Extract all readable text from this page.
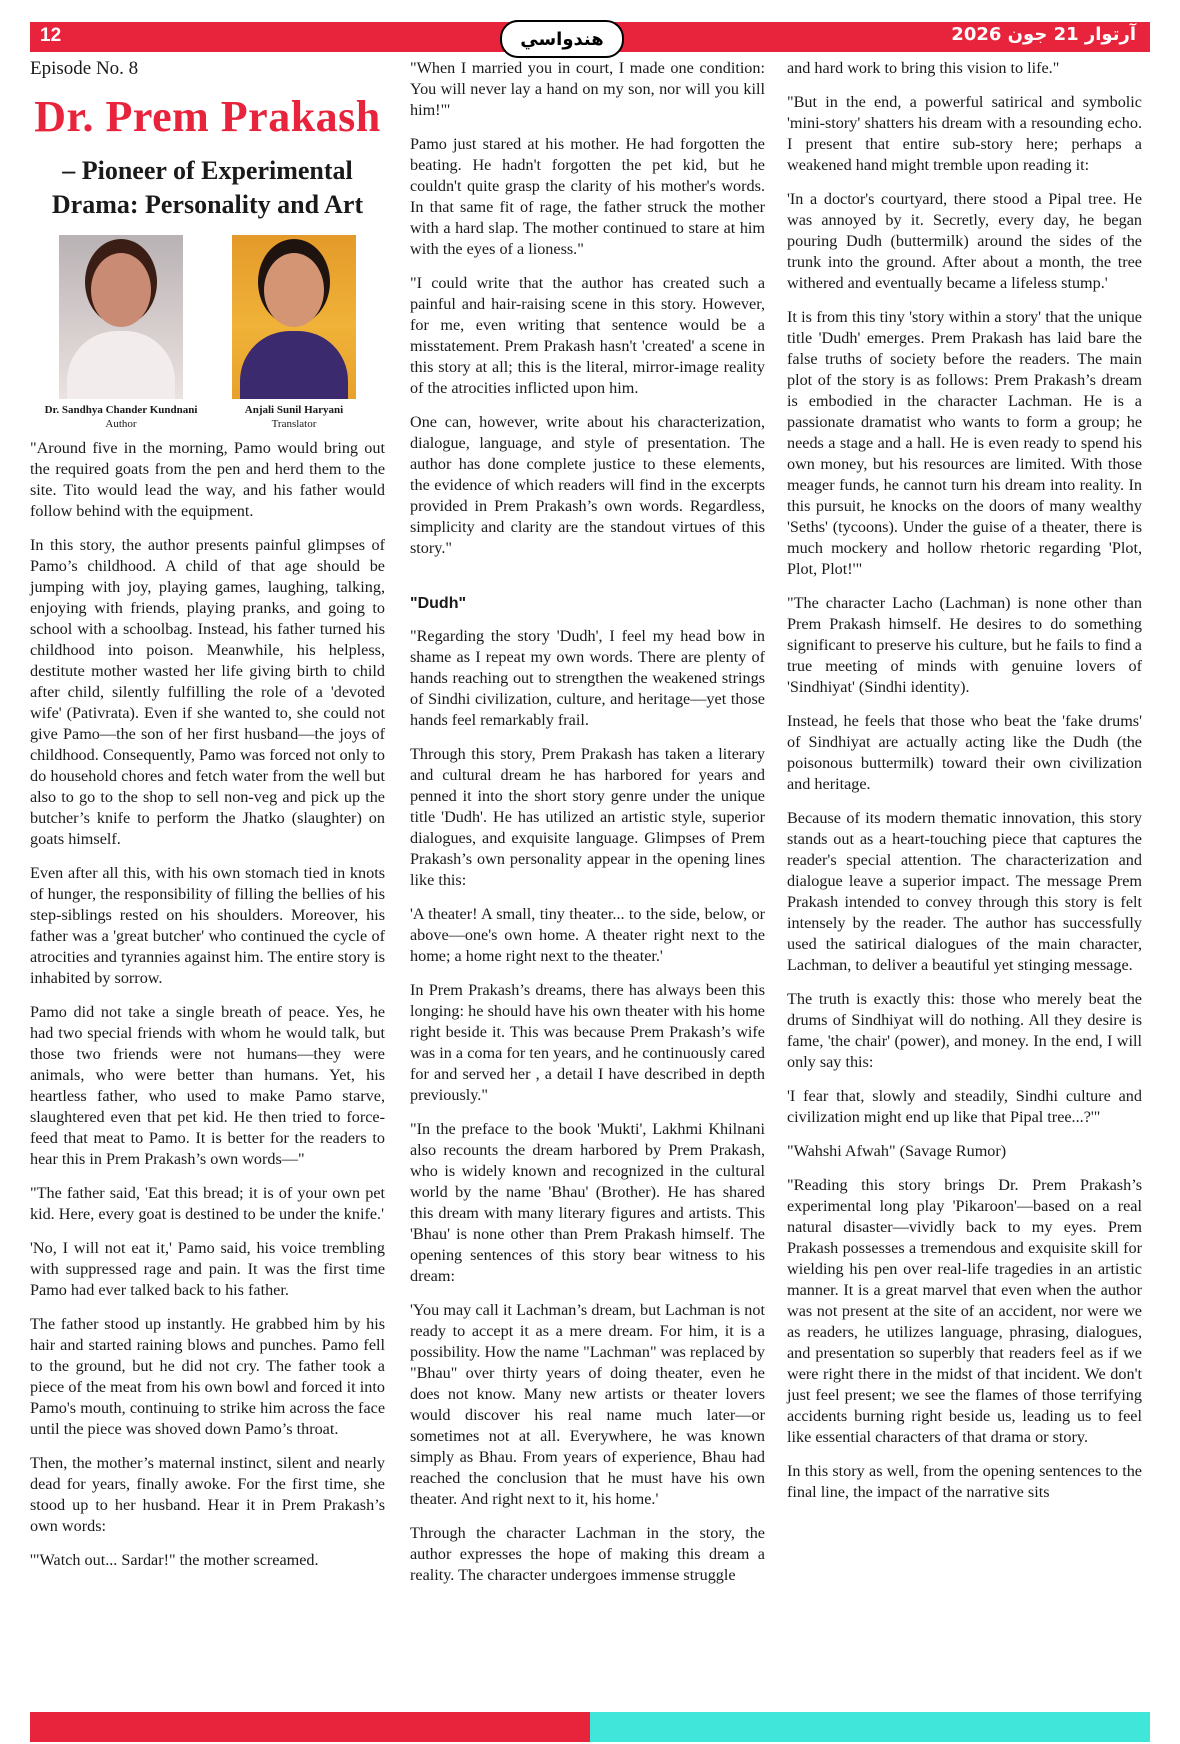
12	آرتوار 21 جون 2026
هندواسي

Episode No. 8

Dr. Prem Prakash

– Pioneer of Experimental Drama: Personality and Art

Dr. Sandhya Chander Kundnani
Author
Anjali Sunil Haryani
Translator

"Around five in the morning, Pamo would bring out the required goats from the pen and herd them to the site. Tito would lead the way, and his father would follow behind with the equipment.

In this story, the author presents painful glimpses of Pamo’s childhood. A child of that age should be jumping with joy, playing games, laughing, talking, enjoying with friends, playing pranks, and going to school with a schoolbag. Instead, his father turned his childhood into poison. Meanwhile, his helpless, destitute mother wasted her life giving birth to child after child, silently fulfilling the role of a 'devoted wife' (Pativrata). Even if she wanted to, she could not give Pamo—the son of her first husband—the joys of childhood. Consequently, Pamo was forced not only to do household chores and fetch water from the well but also to go to the shop to sell non-veg and pick up the butcher’s knife to perform the Jhatko (slaughter) on goats himself.

Even after all this, with his own stomach tied in knots of hunger, the responsibility of filling the bellies of his step-siblings rested on his shoulders. Moreover, his father was a 'great butcher' who continued the cycle of atrocities and tyrannies against him. The entire story is inhabited by sorrow.

Pamo did not take a single breath of peace. Yes, he had two special friends with whom he would talk, but those two friends were not humans—they were animals, who were better than humans. Yet, his heartless father, who used to make Pamo starve, slaughtered even that pet kid. He then tried to force-feed that meat to Pamo. It is better for the readers to hear this in Prem Prakash’s own words—"

"The father said, 'Eat this bread; it is of your own pet kid. Here, every goat is destined to be under the knife.'

'No, I will not eat it,' Pamo said, his voice trembling with suppressed rage and pain. It was the first time Pamo had ever talked back to his father.

The father stood up instantly. He grabbed him by his hair and started raining blows and punches. Pamo fell to the ground, but he did not cry. The father took a piece of the meat from his own bowl and forced it into Pamo's mouth, continuing to strike him across the face until the piece was shoved down Pamo’s throat.

Then, the mother’s maternal instinct, silent and nearly dead for years, finally awoke. For the first time, she stood up to her husband. Hear it in Prem Prakash’s own words:

'"Watch out... Sardar!" the mother screamed.

"When I married you in court, I made one condition: You will never lay a hand on my son, nor will you kill him!"'

Pamo just stared at his mother. He had forgotten the beating. He hadn't forgotten the pet kid, but he couldn't quite grasp the clarity of his mother's words. In that same fit of rage, the father struck the mother with a hard slap. The mother continued to stare at him with the eyes of a lioness."

"I could write that the author has created such a painful and hair-raising scene in this story. However, for me, even writing that sentence would be a misstatement. Prem Prakash hasn't 'created' a scene in this story at all; this is the literal, mirror-image reality of the atrocities inflicted upon him.

One can, however, write about his characterization, dialogue, language, and style of presentation. The author has done complete justice to these elements, the evidence of which readers will find in the excerpts provided in Prem Prakash’s own words. Regardless, simplicity and clarity are the standout virtues of this story."

"Dudh"

"Regarding the story 'Dudh', I feel my head bow in shame as I repeat my own words. There are plenty of hands reaching out to strengthen the weakened strings of Sindhi civilization, culture, and heritage—yet those hands feel remarkably frail.

Through this story, Prem Prakash has taken a literary and cultural dream he has harbored for years and penned it into the short story genre under the unique title 'Dudh'. He has utilized an artistic style, superior dialogues, and exquisite language. Glimpses of Prem Prakash’s own personality appear in the opening lines like this:

'A theater! A small, tiny theater... to the side, below, or above—one's own home. A theater right next to the home; a home right next to the theater.'

In Prem Prakash’s dreams, there has always been this longing: he should have his own theater with his home right beside it. This was because Prem Prakash’s wife was in a coma for ten years, and he continuously cared for and served her , a detail I have described in depth previously."

"In the preface to the book 'Mukti', Lakhmi Khilnani also recounts the dream harbored by Prem Prakash, who is widely known and recognized in the cultural world by the name 'Bhau' (Brother). He has shared this dream with many literary figures and artists. This 'Bhau' is none other than Prem Prakash himself. The opening sentences of this story bear witness to his dream:

'You may call it Lachman’s dream, but Lachman is not ready to accept it as a mere dream. For him, it is a possibility. How the name "Lachman" was replaced by "Bhau" over thirty years of doing theater, even he does not know. Many new artists or theater lovers would discover his real name much later—or sometimes not at all. Everywhere, he was known simply as Bhau. From years of experience, Bhau had reached the conclusion that he must have his own theater. And right next to it, his home.'

Through the character Lachman in the story, the author expresses the hope of making this dream a reality. The character undergoes immense struggle

and hard work to bring this vision to life."

"But in the end, a powerful satirical and symbolic 'mini-story' shatters his dream with a resounding echo. I present that entire sub-story here; perhaps a weakened hand might tremble upon reading it:

'In a doctor's courtyard, there stood a Pipal tree. He was annoyed by it. Secretly, every day, he began pouring Dudh (buttermilk) around the sides of the trunk into the ground. After about a month, the tree withered and eventually became a lifeless stump.'

It is from this tiny 'story within a story' that the unique title 'Dudh' emerges. Prem Prakash has laid bare the false truths of society before the readers. The main plot of the story is as follows: Prem Prakash’s dream is embodied in the character Lachman. He is a passionate dramatist who wants to form a group; he needs a stage and a hall. He is even ready to spend his own money, but his resources are limited. With those meager funds, he cannot turn his dream into reality. In this pursuit, he knocks on the doors of many wealthy 'Seths' (tycoons). Under the guise of a theater, there is much mockery and hollow rhetoric regarding 'Plot, Plot, Plot!'"

"The character Lacho (Lachman) is none other than Prem Prakash himself. He desires to do something significant to preserve his culture, but he fails to find a true meeting of minds with genuine lovers of 'Sindhiyat' (Sindhi identity).

Instead, he feels that those who beat the 'fake drums' of Sindhiyat are actually acting like the Dudh (the poisonous buttermilk) toward their own civilization and heritage.

Because of its modern thematic innovation, this story stands out as a heart-touching piece that captures the reader's special attention. The characterization and dialogue leave a superior impact. The message Prem Prakash intended to convey through this story is felt intensely by the reader. The author has successfully used the satirical dialogues of the main character, Lachman, to deliver a beautiful yet stinging message.

The truth is exactly this: those who merely beat the drums of Sindhiyat will do nothing. All they desire is fame, 'the chair' (power), and money. In the end, I will only say this:

'I fear that, slowly and steadily, Sindhi culture and civilization might end up like that Pipal tree...?'"

"Wahshi Afwah" (Savage Rumor)

"Reading this story brings Dr. Prem Prakash’s experimental long play 'Pikaroon'—based on a real natural disaster—vividly back to my eyes. Prem Prakash possesses a tremendous and exquisite skill for wielding his pen over real-life tragedies in an artistic manner. It is a great marvel that even when the author was not present at the site of an accident, nor were we as readers, he utilizes language, phrasing, dialogues, and presentation so superbly that readers feel as if we were right there in the midst of that incident. We don't just feel present; we see the flames of those terrifying accidents burning right beside us, leading us to feel like essential characters of that drama or story.

In this story as well, from the opening sentences to the final line, the impact of the narrative sits
